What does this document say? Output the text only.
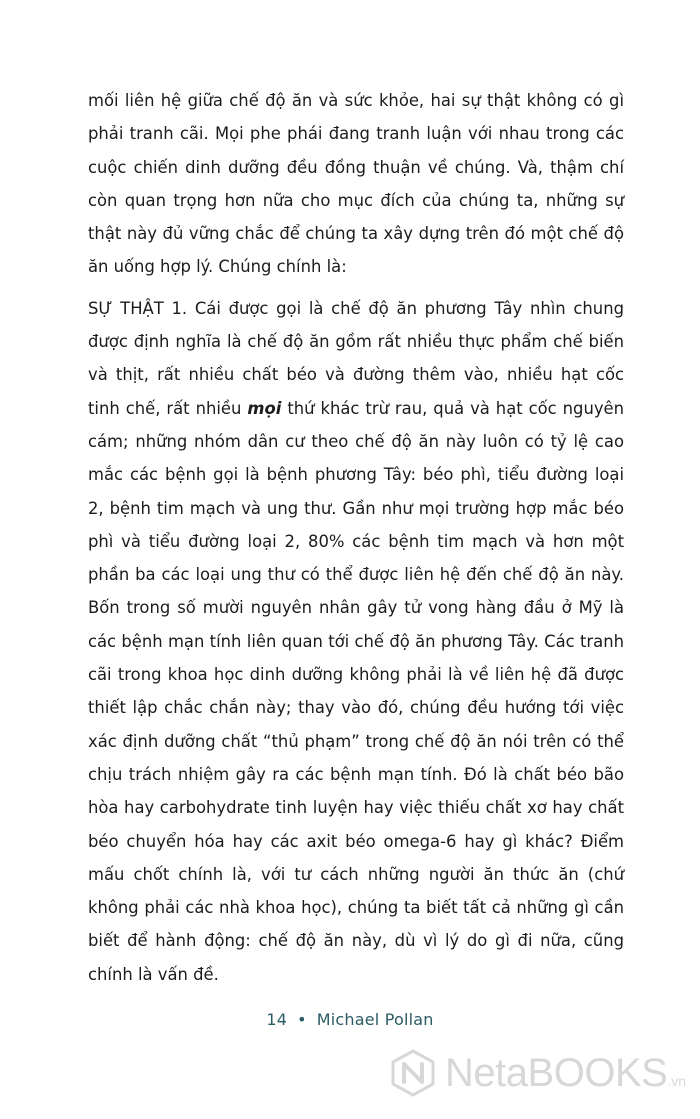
mối liên hệ giữa chế độ ăn và sức khỏe, hai sự thật không có gì phải tranh cãi. Mọi phe phái đang tranh luận với nhau trong các cuộc chiến dinh dưỡng đều đồng thuận về chúng. Và, thậm chí còn quan trọng hơn nữa cho mục đích của chúng ta, những sự thật này đủ vững chắc để chúng ta xây dựng trên đó một chế độ ăn uống hợp lý. Chúng chính là:

SỰ THẬT 1. Cái được gọi là chế độ ăn phương Tây nhìn chung được định nghĩa là chế độ ăn gồm rất nhiều thực phẩm chế biến và thịt, rất nhiều chất béo và đường thêm vào, nhiều hạt cốc tinh chế, rất nhiều mọi thứ khác trừ rau, quả và hạt cốc nguyên cám; những nhóm dân cư theo chế độ ăn này luôn có tỷ lệ cao mắc các bệnh gọi là bệnh phương Tây: béo phì, tiểu đường loại 2, bệnh tim mạch và ung thư. Gần như mọi trường hợp mắc béo phì và tiểu đường loại 2, 80% các bệnh tim mạch và hơn một phần ba các loại ung thư có thể được liên hệ đến chế độ ăn này. Bốn trong số mười nguyên nhân gây tử vong hàng đầu ở Mỹ là các bệnh mạn tính liên quan tới chế độ ăn phương Tây. Các tranh cãi trong khoa học dinh dưỡng không phải là về liên hệ đã được thiết lập chắc chắn này; thay vào đó, chúng đều hướng tới việc xác định dưỡng chất “thủ phạm” trong chế độ ăn nói trên có thể chịu trách nhiệm gây ra các bệnh mạn tính. Đó là chất béo bão hòa hay carbohydrate tinh luyện hay việc thiếu chất xơ hay chất béo chuyển hóa hay các axit béo omega-6 hay gì khác? Điểm mấu chốt chính là, với tư cách những người ăn thức ăn (chứ không phải các nhà khoa học), chúng ta biết tất cả những gì cần biết để hành động: chế độ ăn này, dù vì lý do gì đi nữa, cũng chính là vấn đề.

14 • Michael Pollan
NetaBOOKS .vn
